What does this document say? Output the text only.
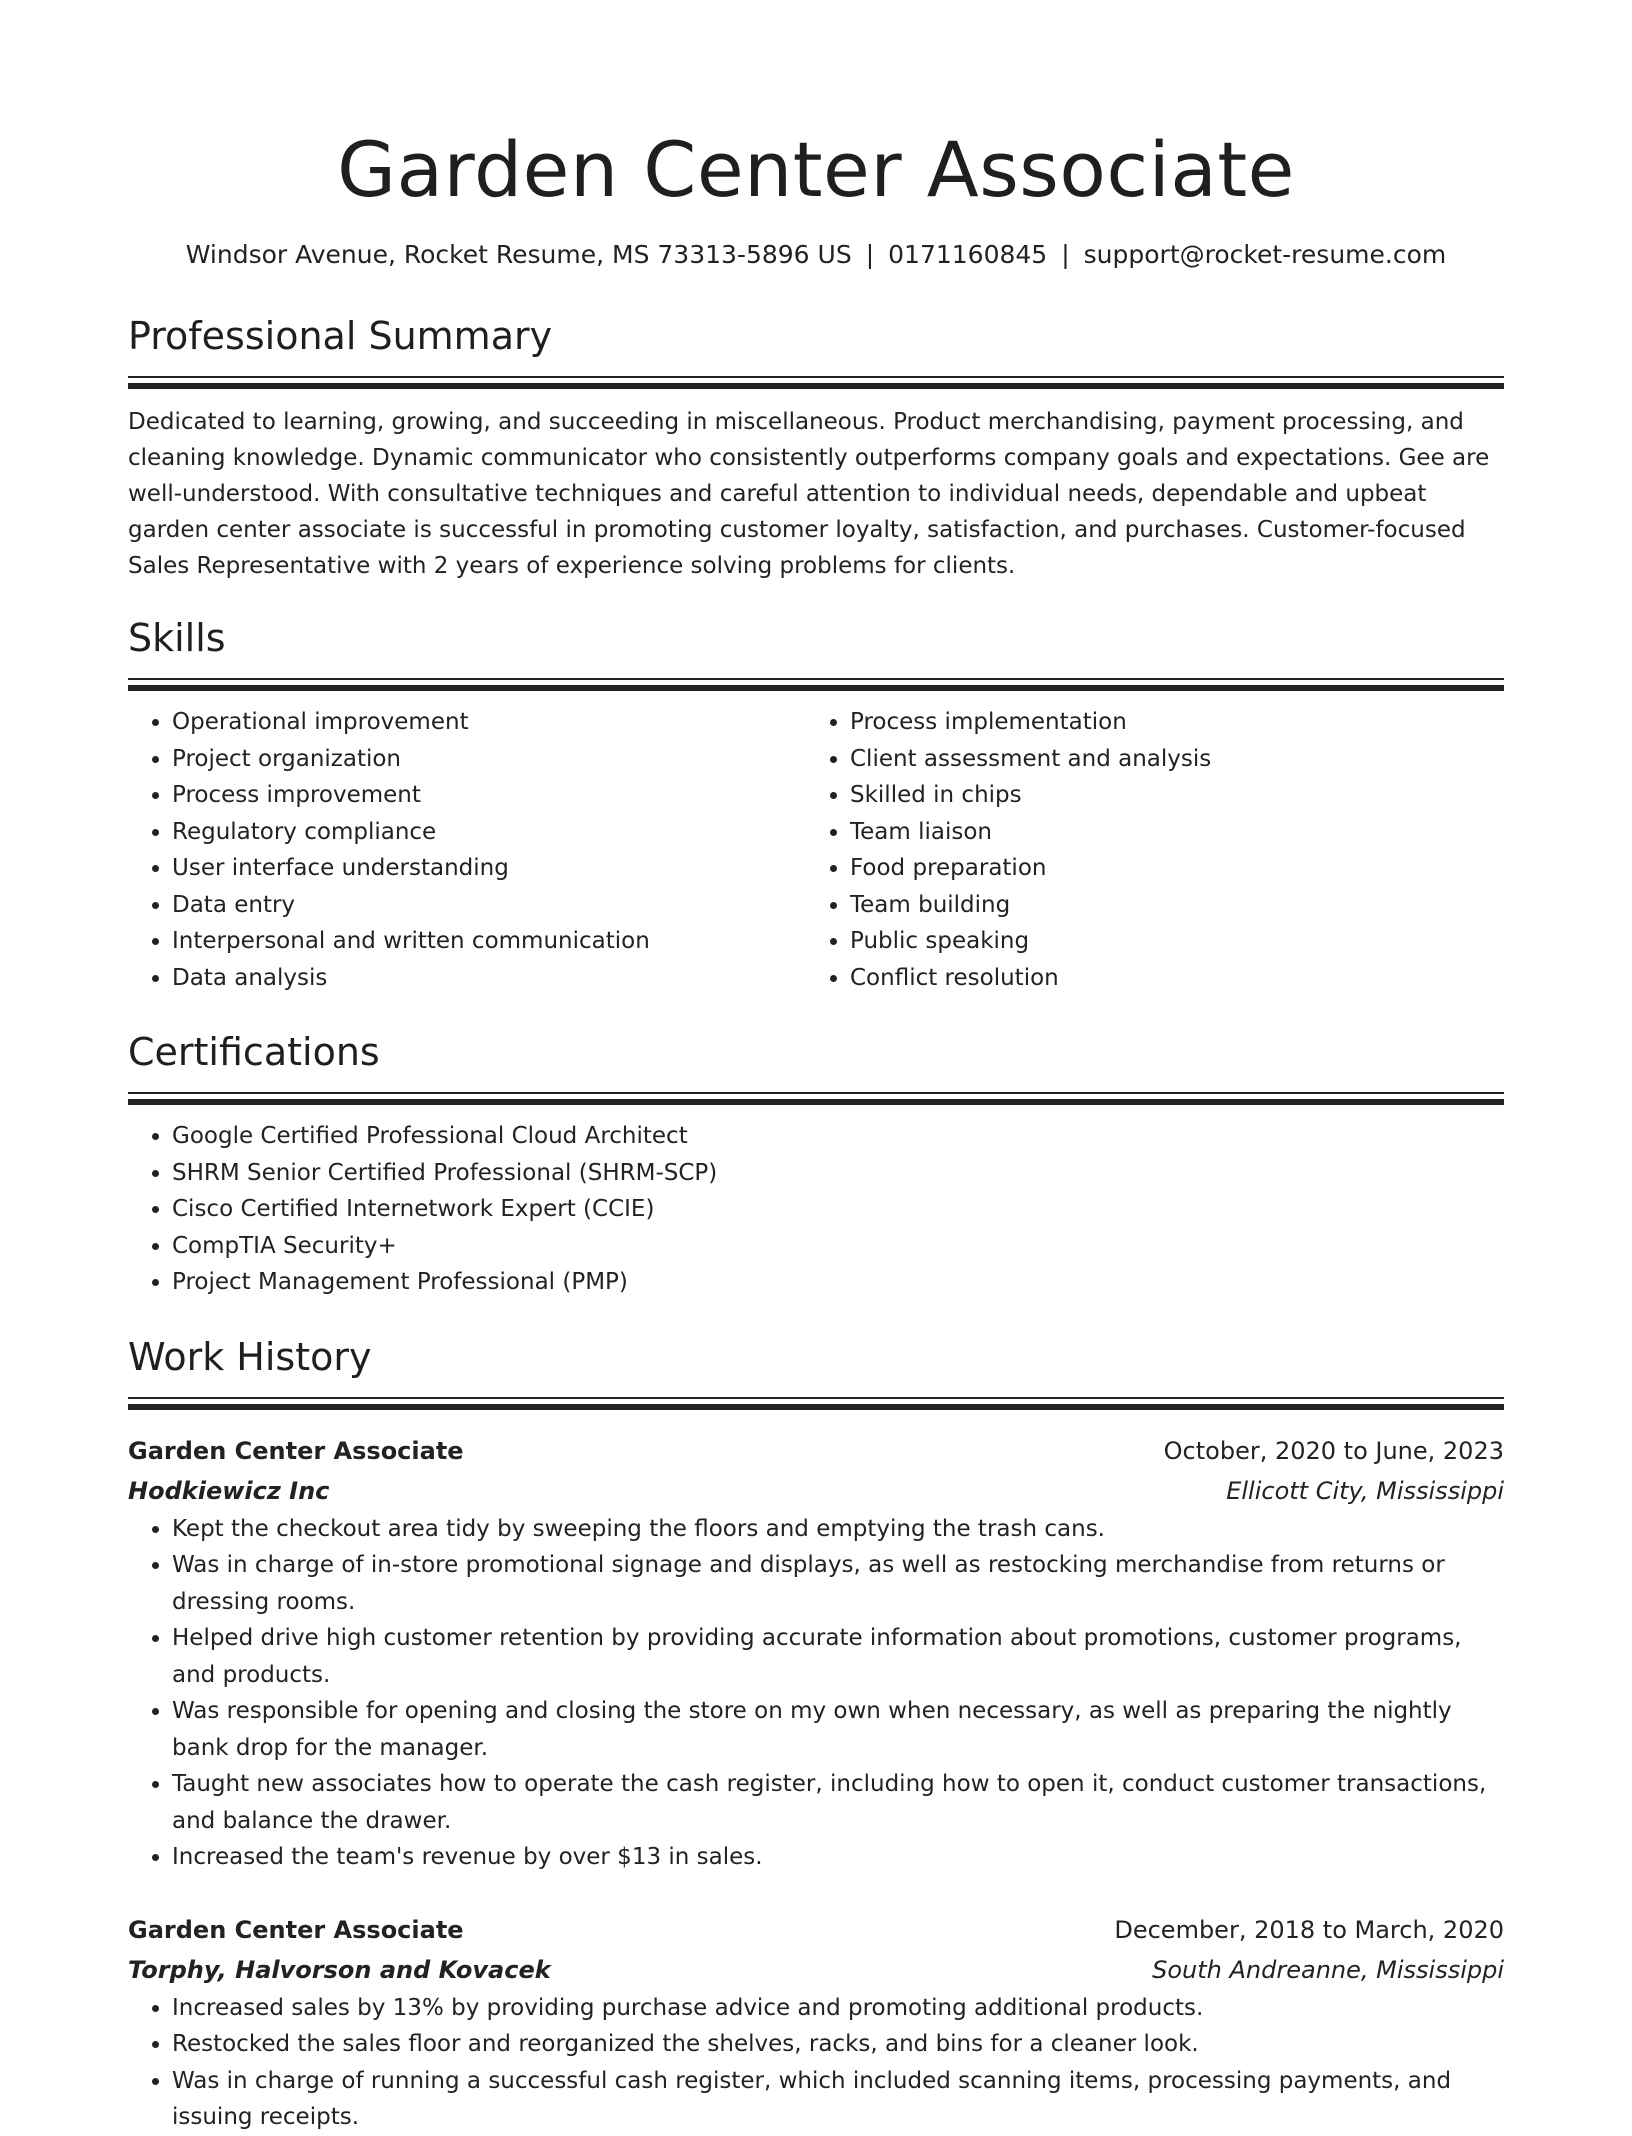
Garden Center Associate
Windsor Avenue, Rocket Resume, MS 73313-5896 US | 0171160845 | support@rocket-resume.com
Professional Summary

Dedicated to learning, growing, and succeeding in miscellaneous. Product merchandising, payment processing, and cleaning knowledge. Dynamic communicator who consistently outperforms company goals and expectations. Gee are well-understood. With consultative techniques and careful attention to individual needs, dependable and upbeat garden center associate is successful in promoting customer loyalty, satisfaction, and purchases. Customer-focused Sales Representative with 2 years of experience solving problems for clients.

Skills
• Operational improvement
• Project organization
• Process improvement
• Regulatory compliance
• User interface understanding
• Data entry
• Interpersonal and written communication
• Data analysis
• Process implementation
• Client assessment and analysis
• Skilled in chips
• Team liaison
• Food preparation
• Team building
• Public speaking
• Conflict resolution
Certifications
• Google Certified Professional Cloud Architect
• SHRM Senior Certified Professional (SHRM-SCP)
• Cisco Certified Internetwork Expert (CCIE)
• CompTIA Security+
• Project Management Professional (PMP)
Work History
Garden Center Associate	October, 2020 to June, 2023
Hodkiewicz Inc	Ellicott City, Mississippi
• Kept the checkout area tidy by sweeping the floors and emptying the trash cans.
• Was in charge of in-store promotional signage and displays, as well as restocking merchandise from returns or dressing rooms.
• Helped drive high customer retention by providing accurate information about promotions, customer programs, and products.
• Was responsible for opening and closing the store on my own when necessary, as well as preparing the nightly bank drop for the manager.
• Taught new associates how to operate the cash register, including how to open it, conduct customer transactions, and balance the drawer.
• Increased the team's revenue by over $13 in sales.
Garden Center Associate	December, 2018 to March, 2020
Torphy, Halvorson and Kovacek	South Andreanne, Mississippi
• Increased sales by 13% by providing purchase advice and promoting additional products.
• Restocked the sales floor and reorganized the shelves, racks, and bins for a cleaner look.
• Was in charge of running a successful cash register, which included scanning items, processing payments, and issuing receipts.
